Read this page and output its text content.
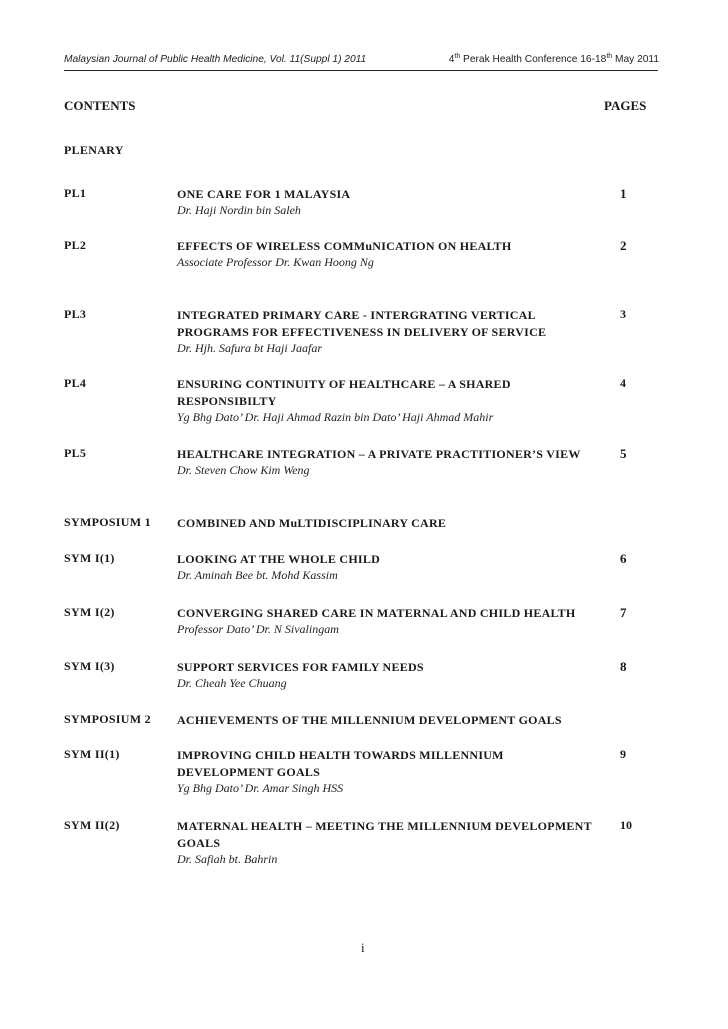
Malaysian Journal of Public Health Medicine, Vol. 11(Suppl 1) 2011	4th Perak Health Conference 16-18th May 2011
CONTENTS	PAGES
PLENARY
PL1	ONE CARE FOR 1 MALAYSIA
Dr. Haji Nordin bin Saleh
1
PL2	EFFECTS OF WIRELESS COMMuNICATION ON HEALTH
Associate Professor Dr. Kwan Hoong Ng
2
PL3	INTEGRATED PRIMARY CARE - INTERGRATING VERTICAL PROGRAMS FOR EFFECTIVENESS IN DELIVERY OF SERVICE
Dr. Hjh. Safura bt Haji Jaafar
3
PL4	ENSURING CONTINUITY OF HEALTHCARE – A SHARED RESPONSIBILTY
Yg Bhg Dato’ Dr. Haji Ahmad Razin bin Dato’ Haji Ahmad Mahir
4
PL5	HEALTHCARE INTEGRATION – A PRIVATE PRACTITIONER’S VIEW
Dr. Steven Chow Kim Weng
5
SYMPOSIUM 1 COMBINED AND MuLTIDISCIPLINARY CARE
SYM I(1)	LOOKING AT THE WHOLE CHILD
Dr. Aminah Bee bt. Mohd Kassim
6
SYM I(2)	CONVERGING SHARED CARE IN MATERNAL AND CHILD HEALTH
Professor Dato’ Dr. N Sivalingam
7
SYM I(3)	SUPPORT SERVICES FOR FAMILY NEEDS
Dr. Cheah Yee Chuang
8
SYMPOSIUM 2 ACHIEVEMENTS OF THE MILLENNIUM DEVELOPMENT GOALS
SYM II(1)	IMPROVING CHILD HEALTH TOWARDS MILLENNIUM DEVELOPMENT GOALS
Yg Bhg Dato’ Dr. Amar Singh HSS
9
SYM II(2)	MATERNAL HEALTH – MEETING THE MILLENNIUM DEVELOPMENT GOALS
Dr. Safiah bt. Bahrin
10
i
